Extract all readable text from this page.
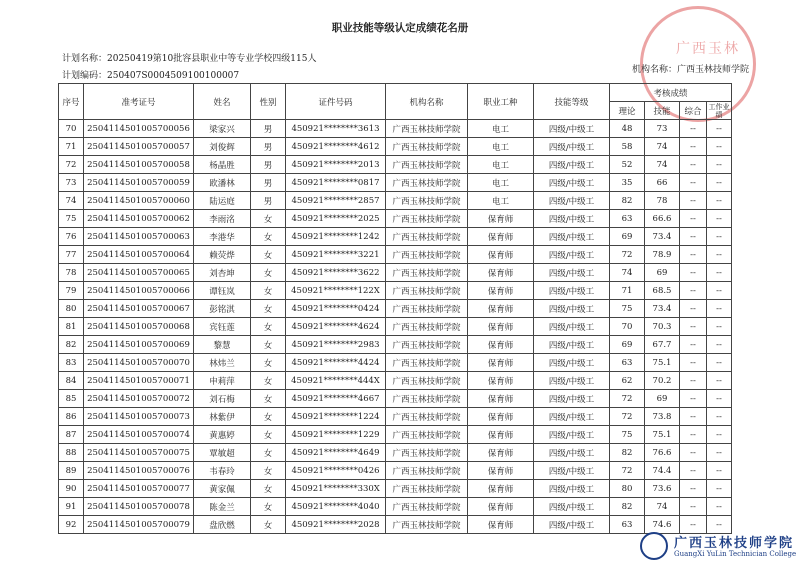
广西玉林
职业技能等级认定成绩花名册
计划名称：20250419第10批容县职业中等专业学校四级115人
计划编码：250407S0004509100100007
机构名称：广西玉林技师学院
序号	准考证号	姓名	性别	证件号码	机构名称	职业工种	技能等级	考核成绩			
								理论	技能	综合	工作业绩
70	2504114501005700056	梁家兴	男	450921********3613	广西玉林技师学院	电工	四级/中级工	48	73	--	--
71	2504114501005700057	刘俊辉	男	450921********4612	广西玉林技师学院	电工	四级/中级工	58	74	--	--
72	2504114501005700058	杨晶胜	男	450921********2013	广西玉林技师学院	电工	四级/中级工	52	74	--	--
73	2504114501005700059	欧潘林	男	450921********0817	广西玉林技师学院	电工	四级/中级工	35	66	--	--
74	2504114501005700060	陆运庭	男	450921********2857	广西玉林技师学院	电工	四级/中级工	82	78	--	--
75	2504114501005700062	李雨洺	女	450921********2025	广西玉林技师学院	保育师	四级/中级工	63	66.6	--	--
76	2504114501005700063	李港华	女	450921********1242	广西玉林技师学院	保育师	四级/中级工	69	73.4	--	--
77	2504114501005700064	赖荧烨	女	450921********3221	广西玉林技师学院	保育师	四级/中级工	72	78.9	--	--
78	2504114501005700065	刘杏坤	女	450921********3622	广西玉林技师学院	保育师	四级/中级工	74	69	--	--
79	2504114501005700066	谭钰岚	女	450921********122X	广西玉林技师学院	保育师	四级/中级工	71	68.5	--	--
80	2504114501005700067	彭铭淇	女	450921********0424	广西玉林技师学院	保育师	四级/中级工	75	73.4	--	--
81	2504114501005700068	宾钰莲	女	450921********4624	广西玉林技师学院	保育师	四级/中级工	70	70.3	--	--
82	2504114501005700069	黎慧	女	450921********2983	广西玉林技师学院	保育师	四级/中级工	69	67.7	--	--
83	2504114501005700070	林炜兰	女	450921********4424	广西玉林技师学院	保育师	四级/中级工	63	75.1	--	--
84	2504114501005700071	申莉萍	女	450921********444X	广西玉林技师学院	保育师	四级/中级工	62	70.2	--	--
85	2504114501005700072	刘石梅	女	450921********4667	广西玉林技师学院	保育师	四级/中级工	72	69	--	--
86	2504114501005700073	林紫伊	女	450921********1224	广西玉林技师学院	保育师	四级/中级工	72	73.8	--	--
87	2504114501005700074	黄惠婷	女	450921********1229	广西玉林技师学院	保育师	四级/中级工	75	75.1	--	--
88	2504114501005700075	覃敏超	女	450921********4649	广西玉林技师学院	保育师	四级/中级工	82	76.6	--	--
89	2504114501005700076	韦春玲	女	450921********0426	广西玉林技师学院	保育师	四级/中级工	72	74.4	--	--
90	2504114501005700077	黄家佩	女	450921********330X	广西玉林技师学院	保育师	四级/中级工	80	73.6	--	--
91	2504114501005700078	陈金兰	女	450921********4040	广西玉林技师学院	保育师	四级/中级工	82	74	--	--
92	2504114501005700079	盘欣燃	女	450921********2028	广西玉林技师学院	保育师	四级/中级工	63	74.6	--	--
广西玉林技师学院
GuangXi YuLin Technician College
